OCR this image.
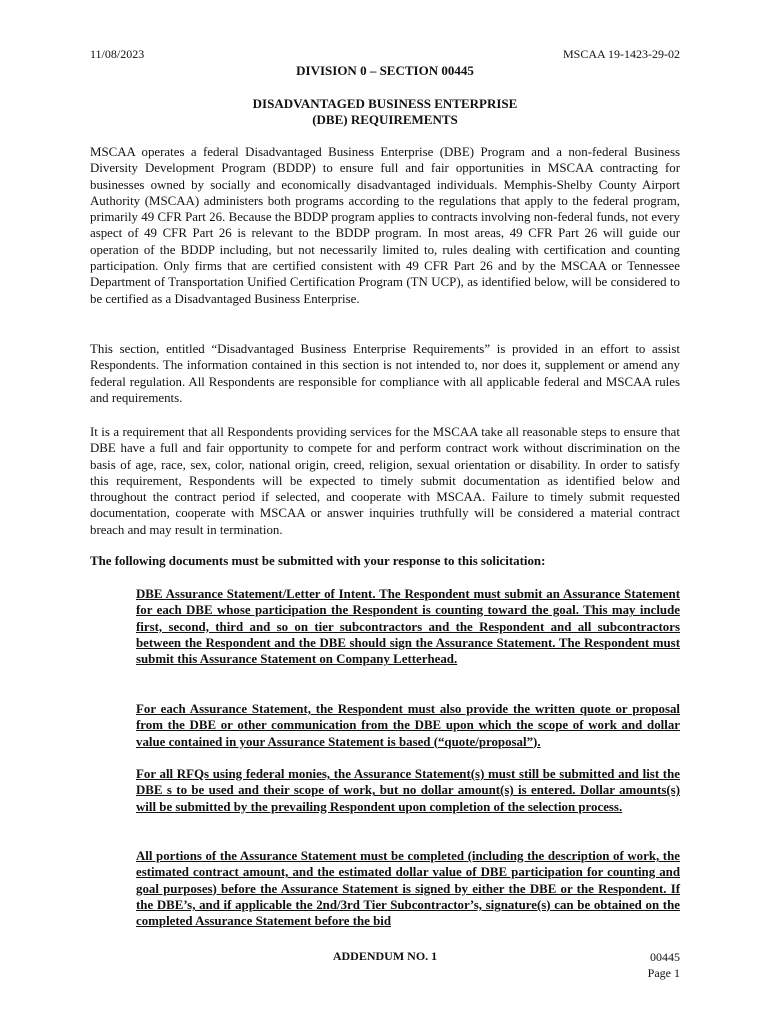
11/08/2023	MSCAA 19-1423-29-02
DIVISION 0 – SECTION 00445
DISADVANTAGED BUSINESS ENTERPRISE
(DBE) REQUIREMENTS

MSCAA operates a federal Disadvantaged Business Enterprise (DBE) Program and a non-federal Business Diversity Development Program (BDDP) to ensure full and fair opportunities in MSCAA contracting for businesses owned by socially and economically disadvantaged individuals. Memphis-Shelby County Airport Authority (MSCAA) administers both programs according to the regulations that apply to the federal program, primarily 49 CFR Part 26. Because the BDDP program applies to contracts involving non-federal funds, not every aspect of 49 CFR Part 26 is relevant to the BDDP program. In most areas, 49 CFR Part 26 will guide our operation of the BDDP including, but not necessarily limited to, rules dealing with certification and counting participation. Only firms that are certified consistent with 49 CFR Part 26 and by the MSCAA or Tennessee Department of Transportation Unified Certification Program (TN UCP), as identified below, will be considered to be certified as a Disadvantaged Business Enterprise.

This section, entitled “Disadvantaged Business Enterprise Requirements” is provided in an effort to assist Respondents. The information contained in this section is not intended to, nor does it, supplement or amend any federal regulation. All Respondents are responsible for compliance with all applicable federal and MSCAA rules and requirements.

It is a requirement that all Respondents providing services for the MSCAA take all reasonable steps to ensure that DBE have a full and fair opportunity to compete for and perform contract work without discrimination on the basis of age, race, sex, color, national origin, creed, religion, sexual orientation or disability. In order to satisfy this requirement, Respondents will be expected to timely submit documentation as identified below and throughout the contract period if selected, and cooperate with MSCAA. Failure to timely submit requested documentation, cooperate with MSCAA or answer inquiries truthfully will be considered a material contract breach and may result in termination.

The following documents must be submitted with your response to this solicitation:

DBE Assurance Statement/Letter of Intent. The Respondent must submit an Assurance Statement for each DBE whose participation the Respondent is counting toward the goal. This may include first, second, third and so on tier subcontractors and the Respondent and all subcontractors between the Respondent and the DBE should sign the Assurance Statement. The Respondent must submit this Assurance Statement on Company Letterhead.

For each Assurance Statement, the Respondent must also provide the written quote or proposal from the DBE or other communication from the DBE upon which the scope of work and dollar value contained in your Assurance Statement is based (“quote/proposal”).

For all RFQs using federal monies, the Assurance Statement(s) must still be submitted and list the DBE s to be used and their scope of work, but no dollar amount(s) is entered. Dollar amounts(s) will be submitted by the prevailing Respondent upon completion of the selection process.

All portions of the Assurance Statement must be completed (including the description of work, the estimated contract amount, and the estimated dollar value of DBE participation for counting and goal purposes) before the Assurance Statement is signed by either the DBE or the Respondent. If the DBE’s, and if applicable the 2nd/3rd Tier Subcontractor’s, signature(s) can be obtained on the completed Assurance Statement before the bid

ADDENDUM NO. 1	00445
Page 1
